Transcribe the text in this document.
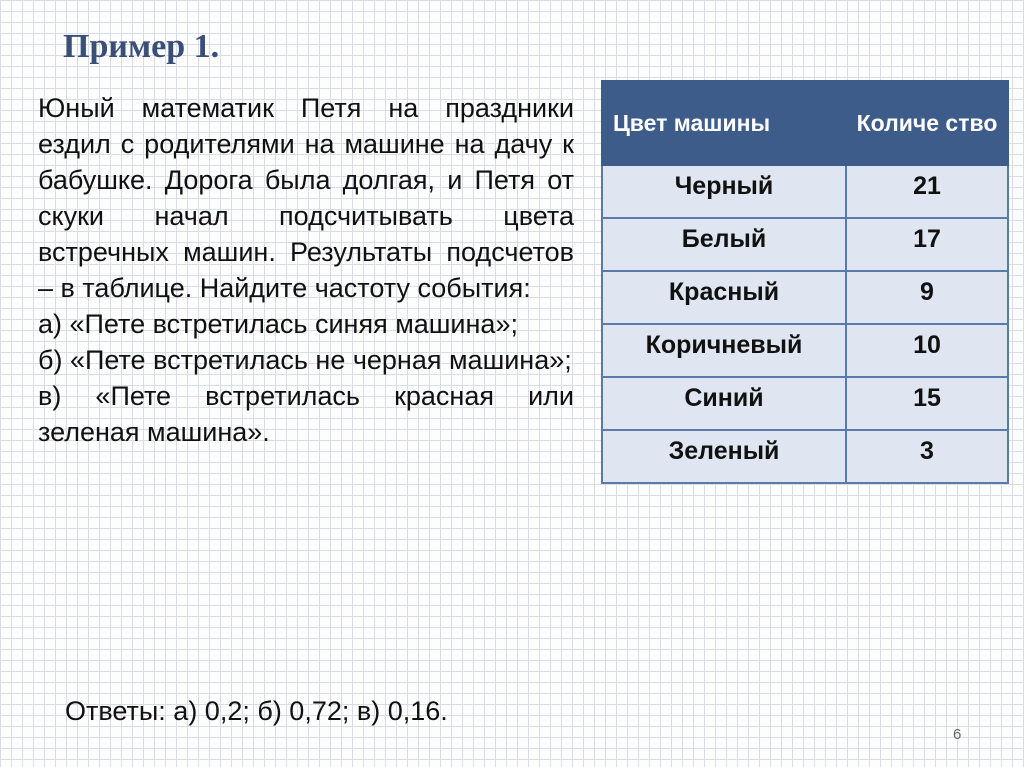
Пример 1.

Юный математик Петя на праздники ездил с родителями на машине на дачу к бабушке. Дорога была долгая, и Петя от скуки начал подсчитывать цвета встречных машин. Результаты подсчетов – в таблице. Найдите частоту события:

а) «Пете встретилась синяя машина»;

б) «Пете встретилась не черная машина»;

в) «Пете встретилась красная или зеленая машина».

Цвет машины	Количе ство
Черный	21
Белый	17
Красный	9
Коричневый	10
Синий	15
Зеленый	3

Ответы: а) 0,2; б) 0,72; в) 0,16.

6
